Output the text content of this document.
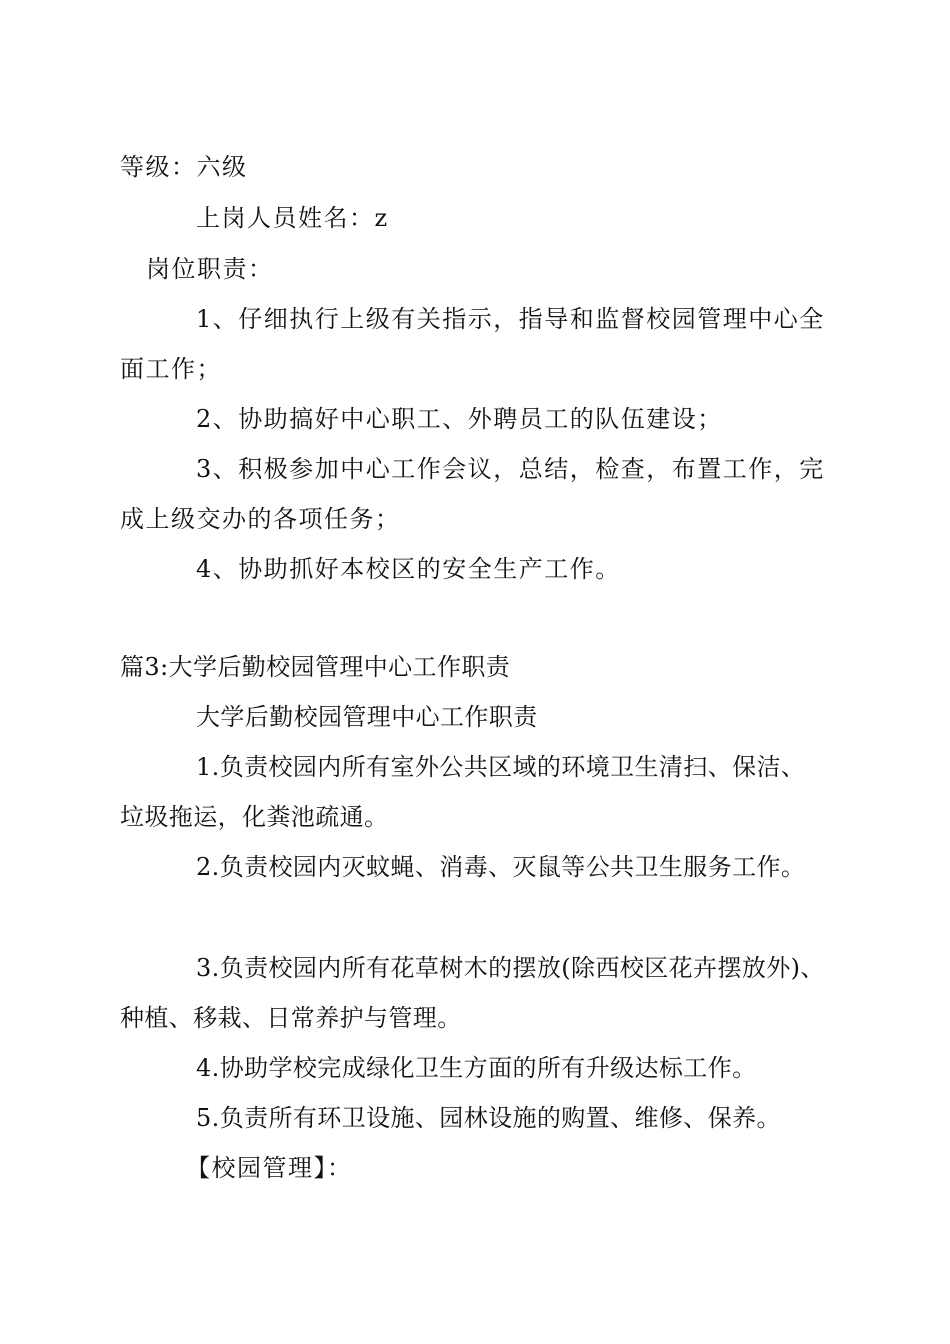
等级：六级
上岗人员姓名：z
岗位职责：
1、仔细执行上级有关指示，指导和监督校园管理中心全
面工作；
2、协助搞好中心职工、外聘员工的队伍建设；
3、积极参加中心工作会议，总结，检查，布置工作，完
成上级交办的各项任务；
4、协助抓好本校区的安全生产工作。
篇3:大学后勤校园管理中心工作职责
大学后勤校园管理中心工作职责
1.负责校园内所有室外公共区域的环境卫生清扫、保洁、
垃圾拖运，化粪池疏通。
2.负责校园内灭蚊蝇、消毒、灭鼠等公共卫生服务工作。
3.负责校园内所有花草树木的摆放(除西校区花卉摆放外)、
种植、移栽、日常养护与管理。
4.协助学校完成绿化卫生方面的所有升级达标工作。
5.负责所有环卫设施、园林设施的购置、维修、保养。
【校园管理】：
